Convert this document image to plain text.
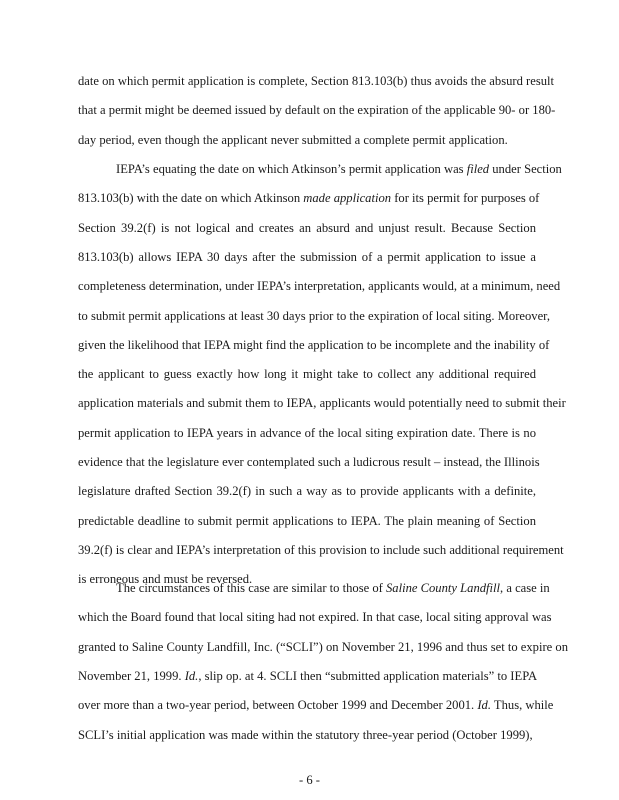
date on which permit application is complete, Section 813.103(b) thus avoids the absurd result
that a permit might be deemed issued by default on the expiration of the applicable 90- or 180-
day period, even though the applicant never submitted a complete permit application.
IEPA’s equating the date on which Atkinson’s permit application was filed under Section
813.103(b) with the date on which Atkinson made application for its permit for purposes of
Section 39.2(f) is not logical and creates an absurd and unjust result. Because Section
813.103(b) allows IEPA 30 days after the submission of a permit application to issue a
completeness determination, under IEPA’s interpretation, applicants would, at a minimum, need
to submit permit applications at least 30 days prior to the expiration of local siting. Moreover,
given the likelihood that IEPA might find the application to be incomplete and the inability of
the applicant to guess exactly how long it might take to collect any additional required
application materials and submit them to IEPA, applicants would potentially need to submit their
permit application to IEPA years in advance of the local siting expiration date. There is no
evidence that the legislature ever contemplated such a ludicrous result – instead, the Illinois
legislature drafted Section 39.2(f) in such a way as to provide applicants with a definite,
predictable deadline to submit permit applications to IEPA. The plain meaning of Section
39.2(f) is clear and IEPA’s interpretation of this provision to include such additional requirement
is erroneous and must be reversed.
The circumstances of this case are similar to those of Saline County Landfill, a case in
which the Board found that local siting had not expired. In that case, local siting approval was
granted to Saline County Landfill, Inc. (“SCLI”) on November 21, 1996 and thus set to expire on
November 21, 1999. Id., slip op. at 4. SCLI then “submitted application materials” to IEPA
over more than a two-year period, between October 1999 and December 2001. Id. Thus, while
SCLI’s initial application was made within the statutory three-year period (October 1999),
- 6 -
